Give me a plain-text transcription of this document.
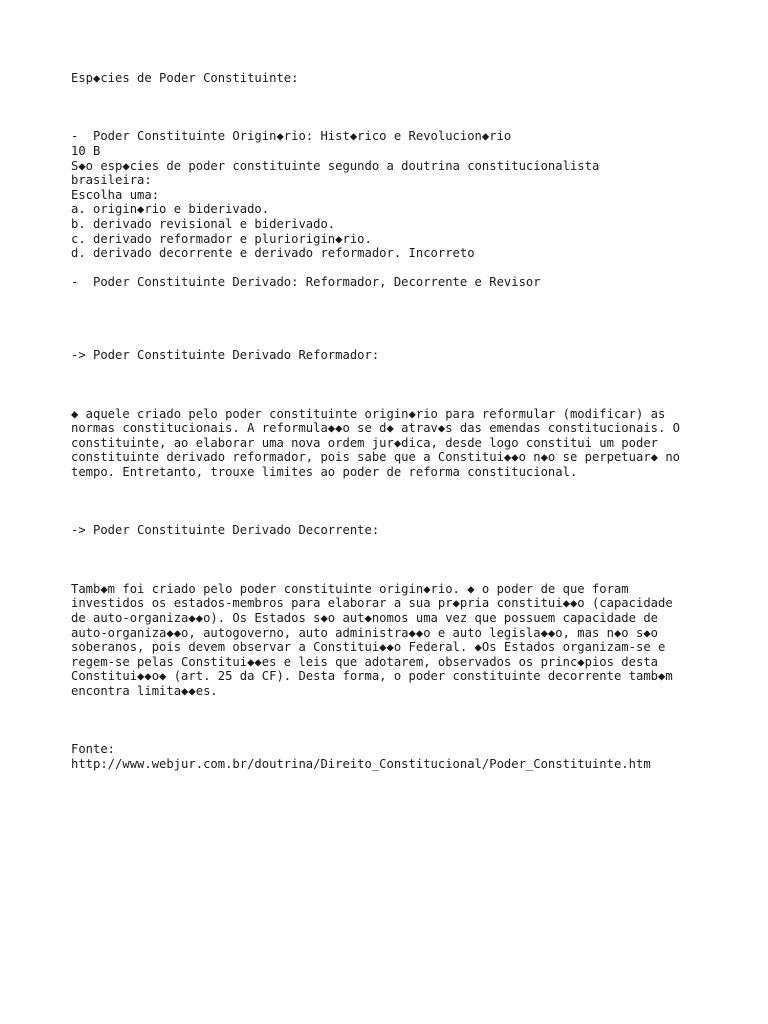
Esp◆cies de Poder Constituinte:
-  Poder Constituinte Origin◆rio: Hist◆rico e Revolucion◆rio
10 B
S◆o esp◆cies de poder constituinte segundo a doutrina constitucionalista
brasileira:
Escolha uma:
a. origin◆rio e biderivado.
b. derivado revisional e biderivado.
c. derivado reformador e pluriorigin◆rio.
d. derivado decorrente e derivado reformador. Incorreto
-  Poder Constituinte Derivado: Reformador, Decorrente e Revisor
-> Poder Constituinte Derivado Reformador:
◆ aquele criado pelo poder constituinte origin◆rio para reformular (modificar) as
normas constitucionais. A reformula◆◆o se d◆ atrav◆s das emendas constitucionais. O
constituinte, ao elaborar uma nova ordem jur◆dica, desde logo constitui um poder
constituinte derivado reformador, pois sabe que a Constitui◆◆o n◆o se perpetuar◆ no
tempo. Entretanto, trouxe limites ao poder de reforma constitucional.
-> Poder Constituinte Derivado Decorrente:
Tamb◆m foi criado pelo poder constituinte origin◆rio. ◆ o poder de que foram
investidos os estados-membros para elaborar a sua pr◆pria constitui◆◆o (capacidade
de auto-organiza◆◆o). Os Estados s◆o aut◆nomos uma vez que possuem capacidade de
auto-organiza◆◆o, autogoverno, auto administra◆◆o e auto legisla◆◆o, mas n◆o s◆o
soberanos, pois devem observar a Constitui◆◆o Federal. ◆Os Estados organizam-se e
regem-se pelas Constitui◆◆es e leis que adotarem, observados os princ◆pios desta
Constitui◆◆o◆ (art. 25 da CF). Desta forma, o poder constituinte decorrente tamb◆m
encontra limita◆◆es.
Fonte:
http://www.webjur.com.br/doutrina/Direito_Constitucional/Poder_Constituinte.htm
